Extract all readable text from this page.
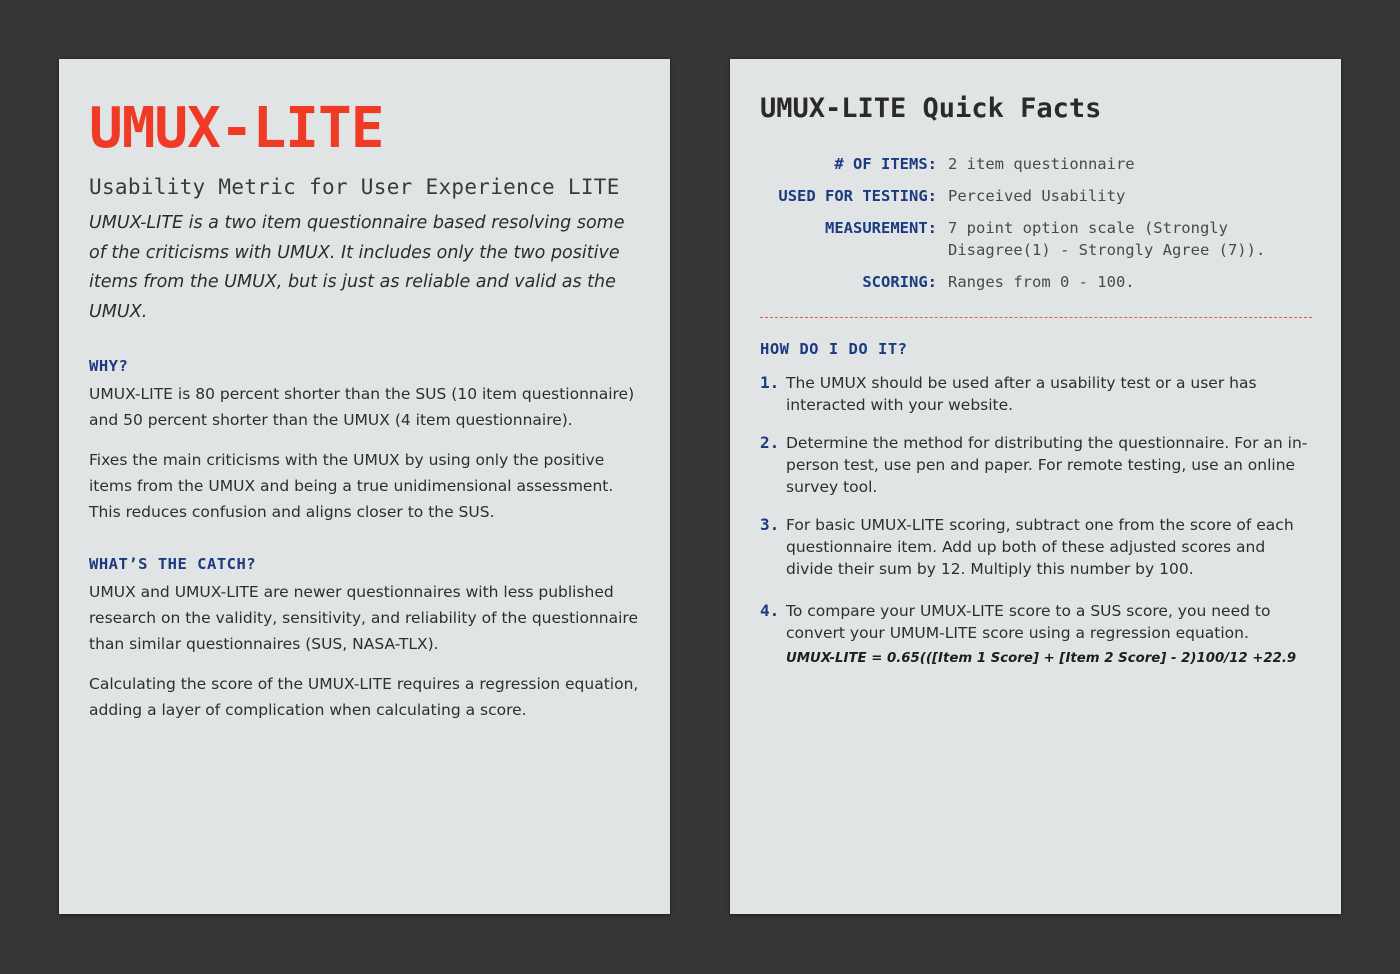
UMUX-LITE
Usability Metric for User Experience LITE
UMUX-LITE is a two item questionnaire based resolving some of the criticisms with UMUX. It includes only the two positive items from the UMUX, but is just as reliable and valid as the UMUX.
WHY?
UMUX-LITE is 80 percent shorter than the SUS (10 item questionnaire) and 50 percent shorter than the UMUX (4 item questionnaire).
Fixes the main criticisms with the UMUX by using only the positive items from the UMUX and being a true unidimensional assessment. This reduces confusion and aligns closer to the SUS.
WHAT’S THE CATCH?
UMUX and UMUX-LITE are newer questionnaires with less published research on the validity, sensitivity, and reliability of the questionnaire than similar questionnaires (SUS, NASA-TLX).
Calculating the score of the UMUX-LITE requires a regression equation, adding a layer of complication when calculating a score.
UMUX-LITE Quick Facts
# OF ITEMS: 2 item questionnaire
USED FOR TESTING: Perceived Usability
MEASUREMENT: 7 point option scale (Strongly Disagree(1) - Strongly Agree (7)).
SCORING: Ranges from 0 - 100.
HOW DO I DO IT?
1. The UMUX should be used after a usability test or a user has interacted with your website.
2. Determine the method for distributing the questionnaire. For an in-person test, use pen and paper. For remote testing, use an online survey tool.
3. For basic UMUX-LITE scoring, subtract one from the score of each questionnaire item. Add up both of these adjusted scores and divide their sum by 12. Multiply this number by 100.
4. To compare your UMUX-LITE score to a SUS score, you need to convert your UMUM-LITE score using a regression equation.
UMUX-LITE = 0.65(([Item 1 Score] + [Item 2 Score] - 2)100/12 +22.9
